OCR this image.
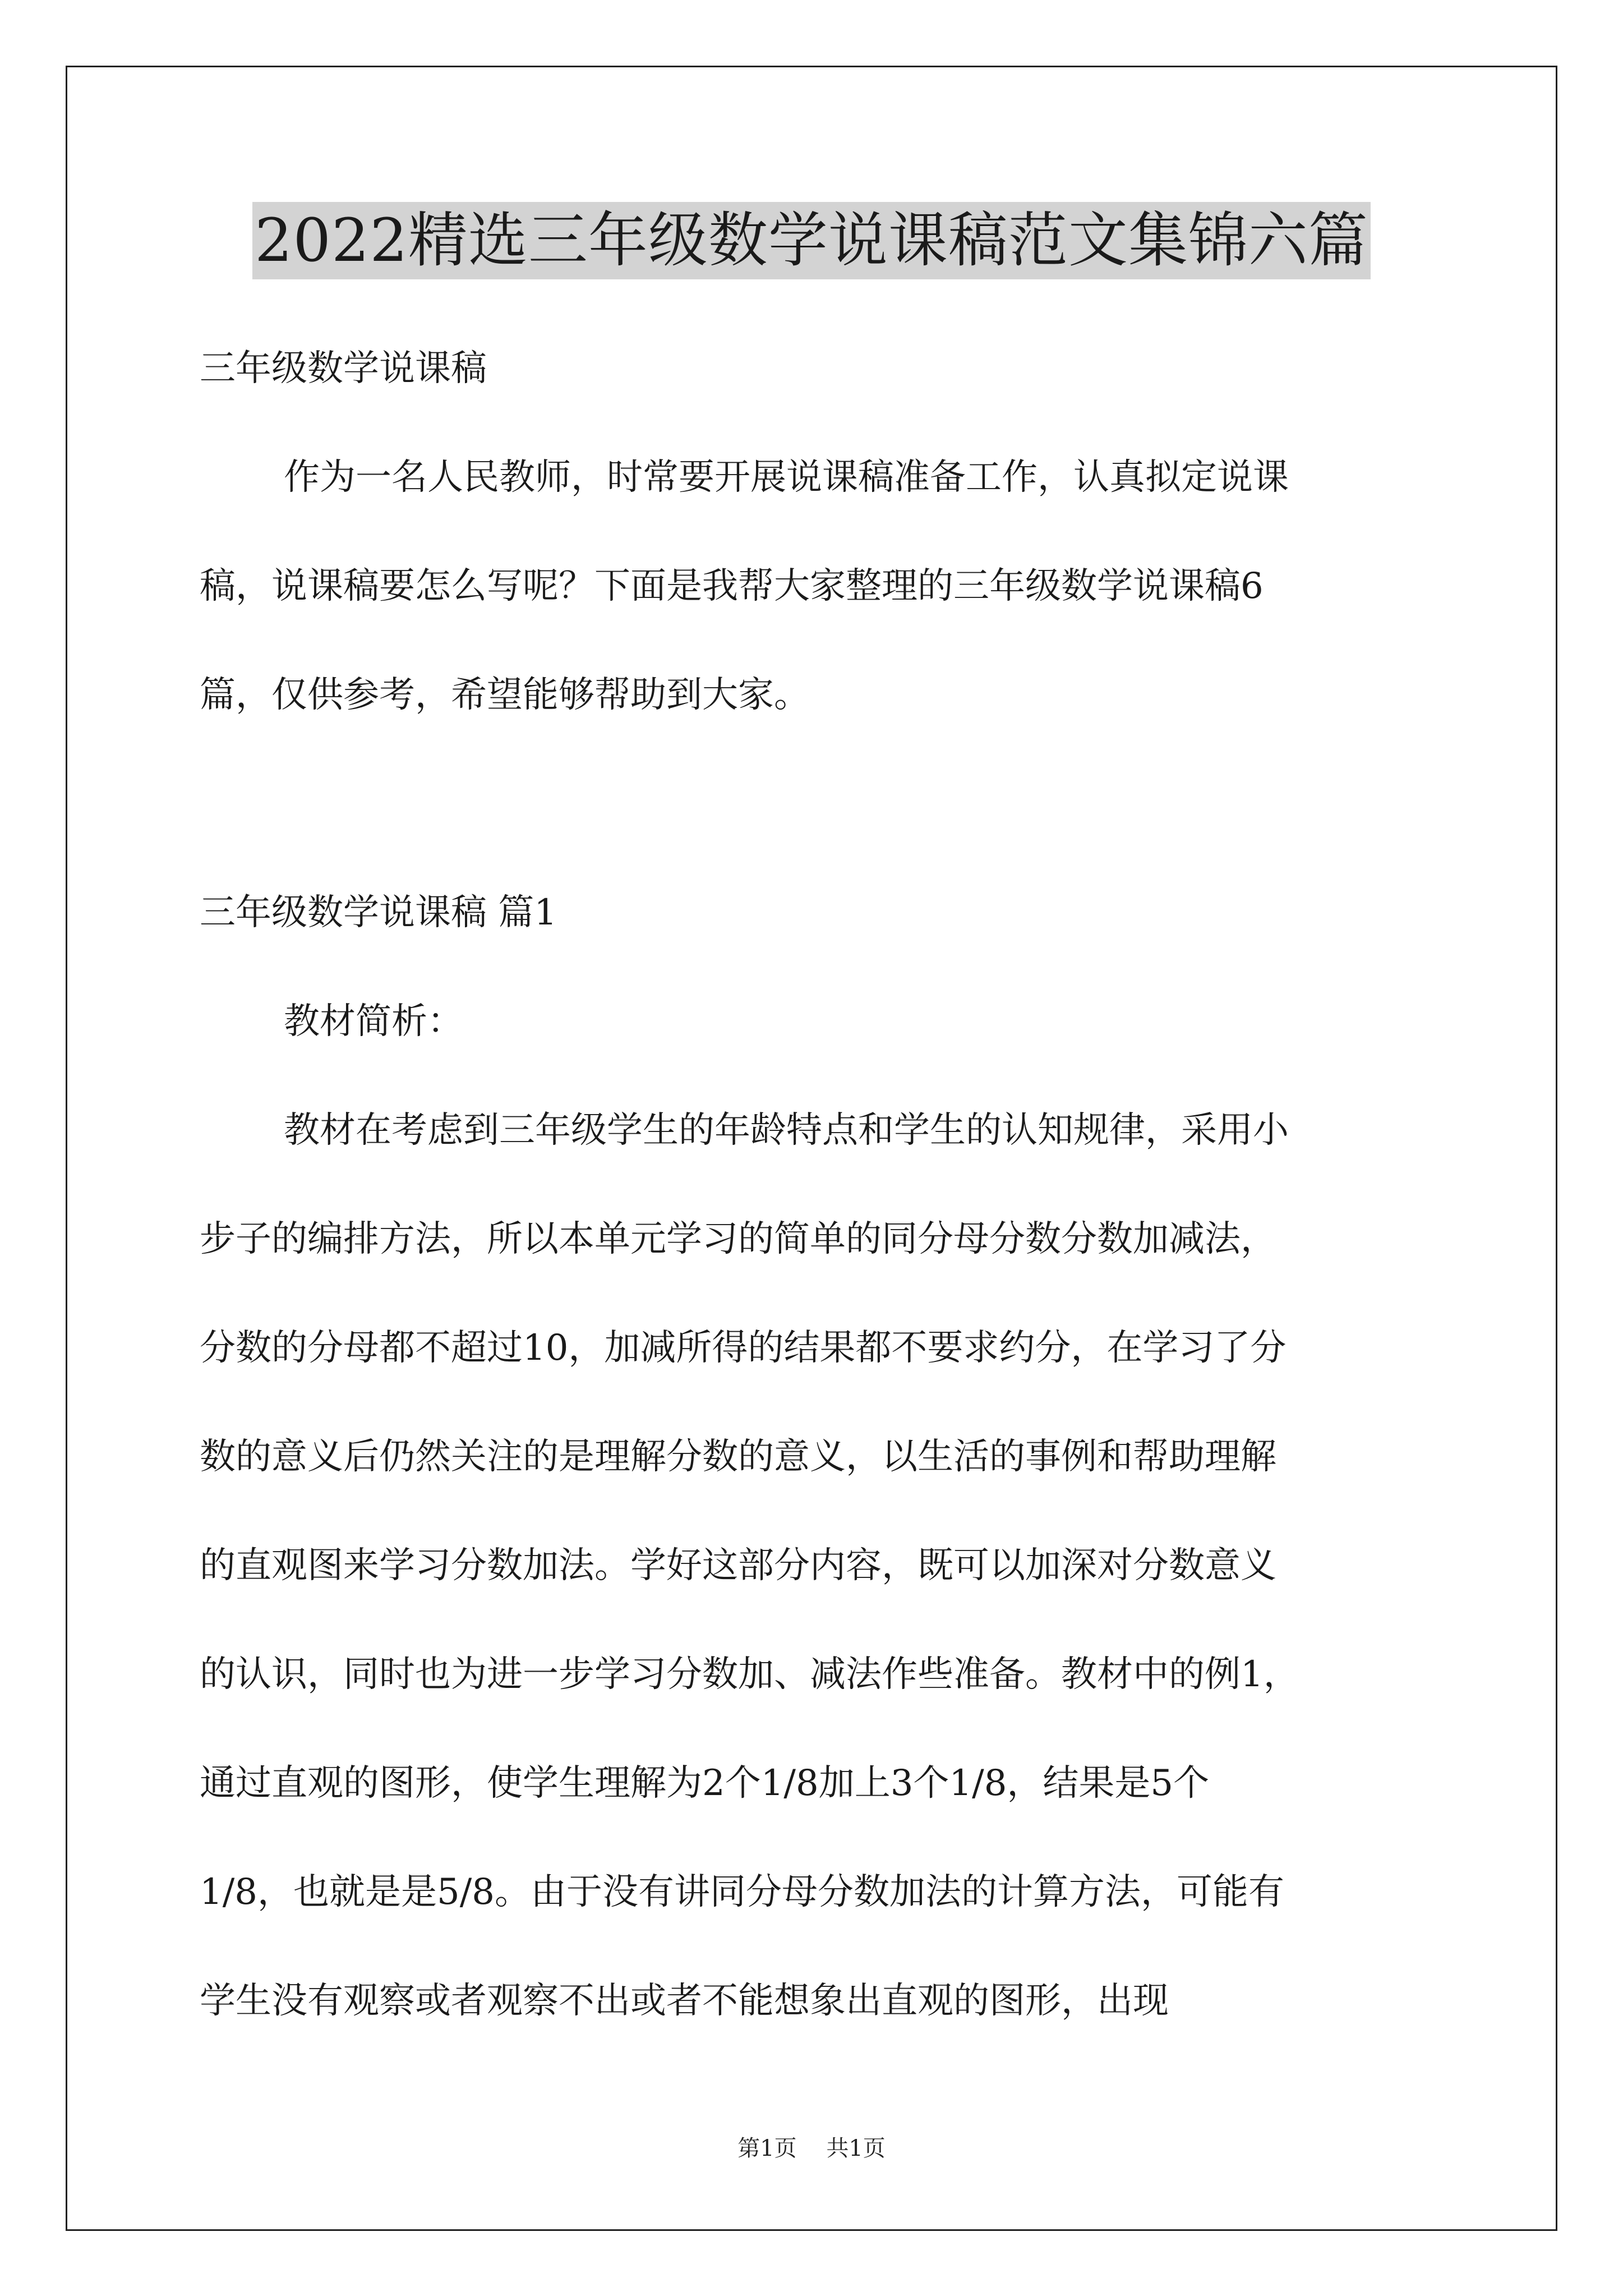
2022精选三年级数学说课稿范文集锦六篇
三年级数学说课稿
作为一名人民教师，时常要开展说课稿准备工作，认真拟定说课
稿，说课稿要怎么写呢？下面是我帮大家整理的三年级数学说课稿6
篇，仅供参考，希望能够帮助到大家。
三年级数学说课稿 篇1
教材简析：
教材在考虑到三年级学生的年龄特点和学生的认知规律，采用小
步子的编排方法，所以本单元学习的简单的同分母分数分数加减法，
分数的分母都不超过10，加减所得的结果都不要求约分，在学习了分
数的意义后仍然关注的是理解分数的意义，以生活的事例和帮助理解
的直观图来学习分数加法。学好这部分内容，既可以加深对分数意义
的认识，同时也为进一步学习分数加、减法作些准备。教材中的例1，
通过直观的图形，使学生理解为2个1/8加上3个1/8，结果是5个
1/8，也就是是5/8。由于没有讲同分母分数加法的计算方法，可能有
学生没有观察或者观察不出或者不能想象出直观的图形，出现
第1页 共1页
